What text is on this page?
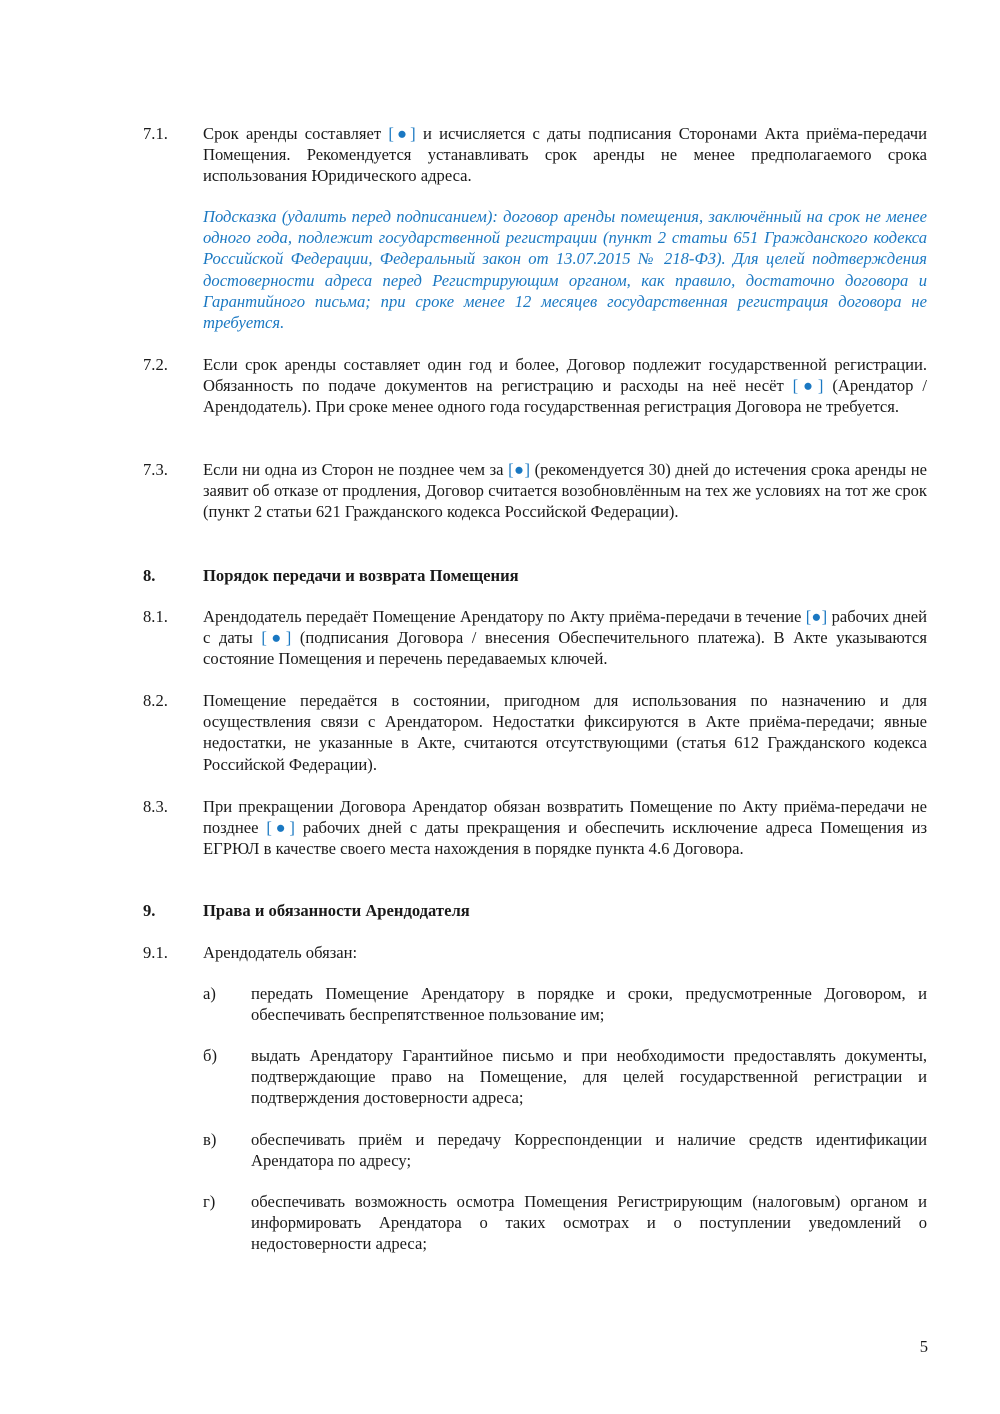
7.1. Срок аренды составляет [●] и исчисляется с даты подписания Сторонами Акта приёма-передачи Помещения. Рекомендуется устанавливать срок аренды не менее предполагаемого срока использования Юридического адреса.
Подсказка (удалить перед подписанием): договор аренды помещения, заключённый на срок не менее одного года, подлежит государственной регистрации (пункт 2 статьи 651 Гражданского кодекса Российской Федерации, Федеральный закон от 13.07.2015 № 218-ФЗ). Для целей подтверждения достоверности адреса перед Регистрирующим органом, как правило, достаточно договора и Гарантийного письма; при сроке менее 12 месяцев государственная регистрация договора не требуется.
7.2. Если срок аренды составляет один год и более, Договор подлежит государственной регистрации. Обязанность по подаче документов на регистрацию и расходы на неё несёт [●] (Арендатор / Арендодатель). При сроке менее одного года государственная регистрация Договора не требуется.
7.3. Если ни одна из Сторон не позднее чем за [●] (рекомендуется 30) дней до истечения срока аренды не заявит об отказе от продления, Договор считается возобновлённым на тех же условиях на тот же срок (пункт 2 статьи 621 Гражданского кодекса Российской Федерации).
8.	Порядок передачи и возврата Помещения
8.1. Арендодатель передаёт Помещение Арендатору по Акту приёма-передачи в течение [●] рабочих дней с даты [●] (подписания Договора / внесения Обеспечительного платежа). В Акте указываются состояние Помещения и перечень передаваемых ключей.
8.2. Помещение передаётся в состоянии, пригодном для использования по назначению и для осуществления связи с Арендатором. Недостатки фиксируются в Акте приёма-передачи; явные недостатки, не указанные в Акте, считаются отсутствующими (статья 612 Гражданского кодекса Российской Федерации).
8.3. При прекращении Договора Арендатор обязан возвратить Помещение по Акту приёма-передачи не позднее [●] рабочих дней с даты прекращения и обеспечить исключение адреса Помещения из ЕГРЮЛ в качестве своего места нахождения в порядке пункта 4.6 Договора.
9.	Права и обязанности Арендодателя
9.1. Арендодатель обязан:
а) передать Помещение Арендатору в порядке и сроки, предусмотренные Договором, и обеспечивать беспрепятственное пользование им;
б) выдать Арендатору Гарантийное письмо и при необходимости предоставлять документы, подтверждающие право на Помещение, для целей государственной регистрации и подтверждения достоверности адреса;
в) обеспечивать приём и передачу Корреспонденции и наличие средств идентификации Арендатора по адресу;
г) обеспечивать возможность осмотра Помещения Регистрирующим (налоговым) органом и информировать Арендатора о таких осмотрах и о поступлении уведомлений о недостоверности адреса;
5
